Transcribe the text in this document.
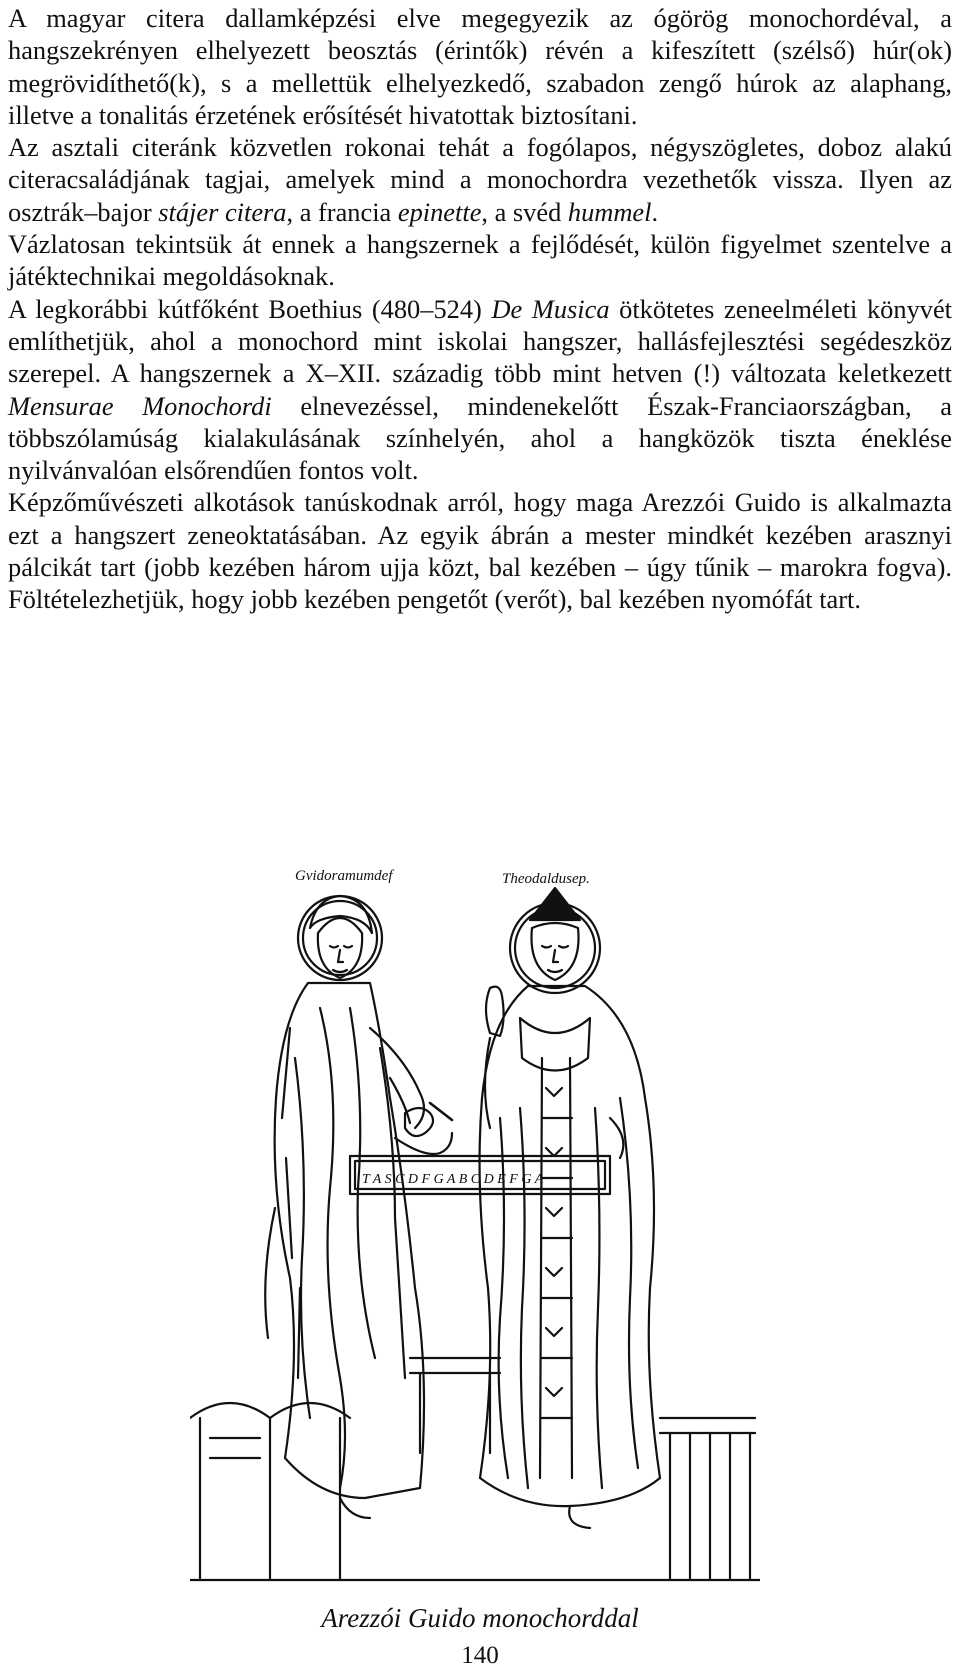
A magyar citera dallamképzési elve megegyezik az ógörög monochordéval, a hangszekrényen elhelyezett beosztás (érintők) révén a kifeszített (szélső) húr(ok) megrövidíthető(k), s a mellettük elhelyezkedő, szabadon zengő húrok az alaphang, illetve a tonalitás érzetének erősítését hivatottak biztosítani.

Az asztali citeránk közvetlen rokonai tehát a fogólapos, négyszögletes, doboz alakú citeracsaládjának tagjai, amelyek mind a monochordra vezethetők vissza. Ilyen az osztrák–bajor stájer citera, a francia epinette, a svéd hummel.

Vázlatosan tekintsük át ennek a hangszernek a fejlődését, külön figyelmet szentelve a játéktechnikai megoldásoknak.

A legkorábbi kútfőként Boethius (480–524) De Musica ötkötetes zeneelméleti könyvét említhetjük, ahol a monochord mint iskolai hangszer, hallásfejlesztési segédeszköz szerepel. A hangszernek a X–XII. századig több mint hetven (!) változata keletkezett Mensurae Monochordi elnevezéssel, mindenekelőtt Észak-Franciaországban, a többszólamúság kialakulásának színhelyén, ahol a hangközök tiszta éneklése nyilvánvalóan elsőrendűen fontos volt.

Képzőművészeti alkotások tanúskodnak arról, hogy maga Arezzói Guido is alkalmazta ezt a hangszert zeneoktatásában. Az egyik ábrán a mester mindkét kezében arasznyi pálcikát tart (jobb kezében három ujja közt, bal kezében – úgy tűnik – marokra fogva). Föltételezhetjük, hogy jobb kezében pengetőt (verőt), bal kezében nyomófát tart.

Gvidoramumdef	Theodaldusep.
T A S C D F G A B C D E F G A
Arezzói Guido monochorddal
140
